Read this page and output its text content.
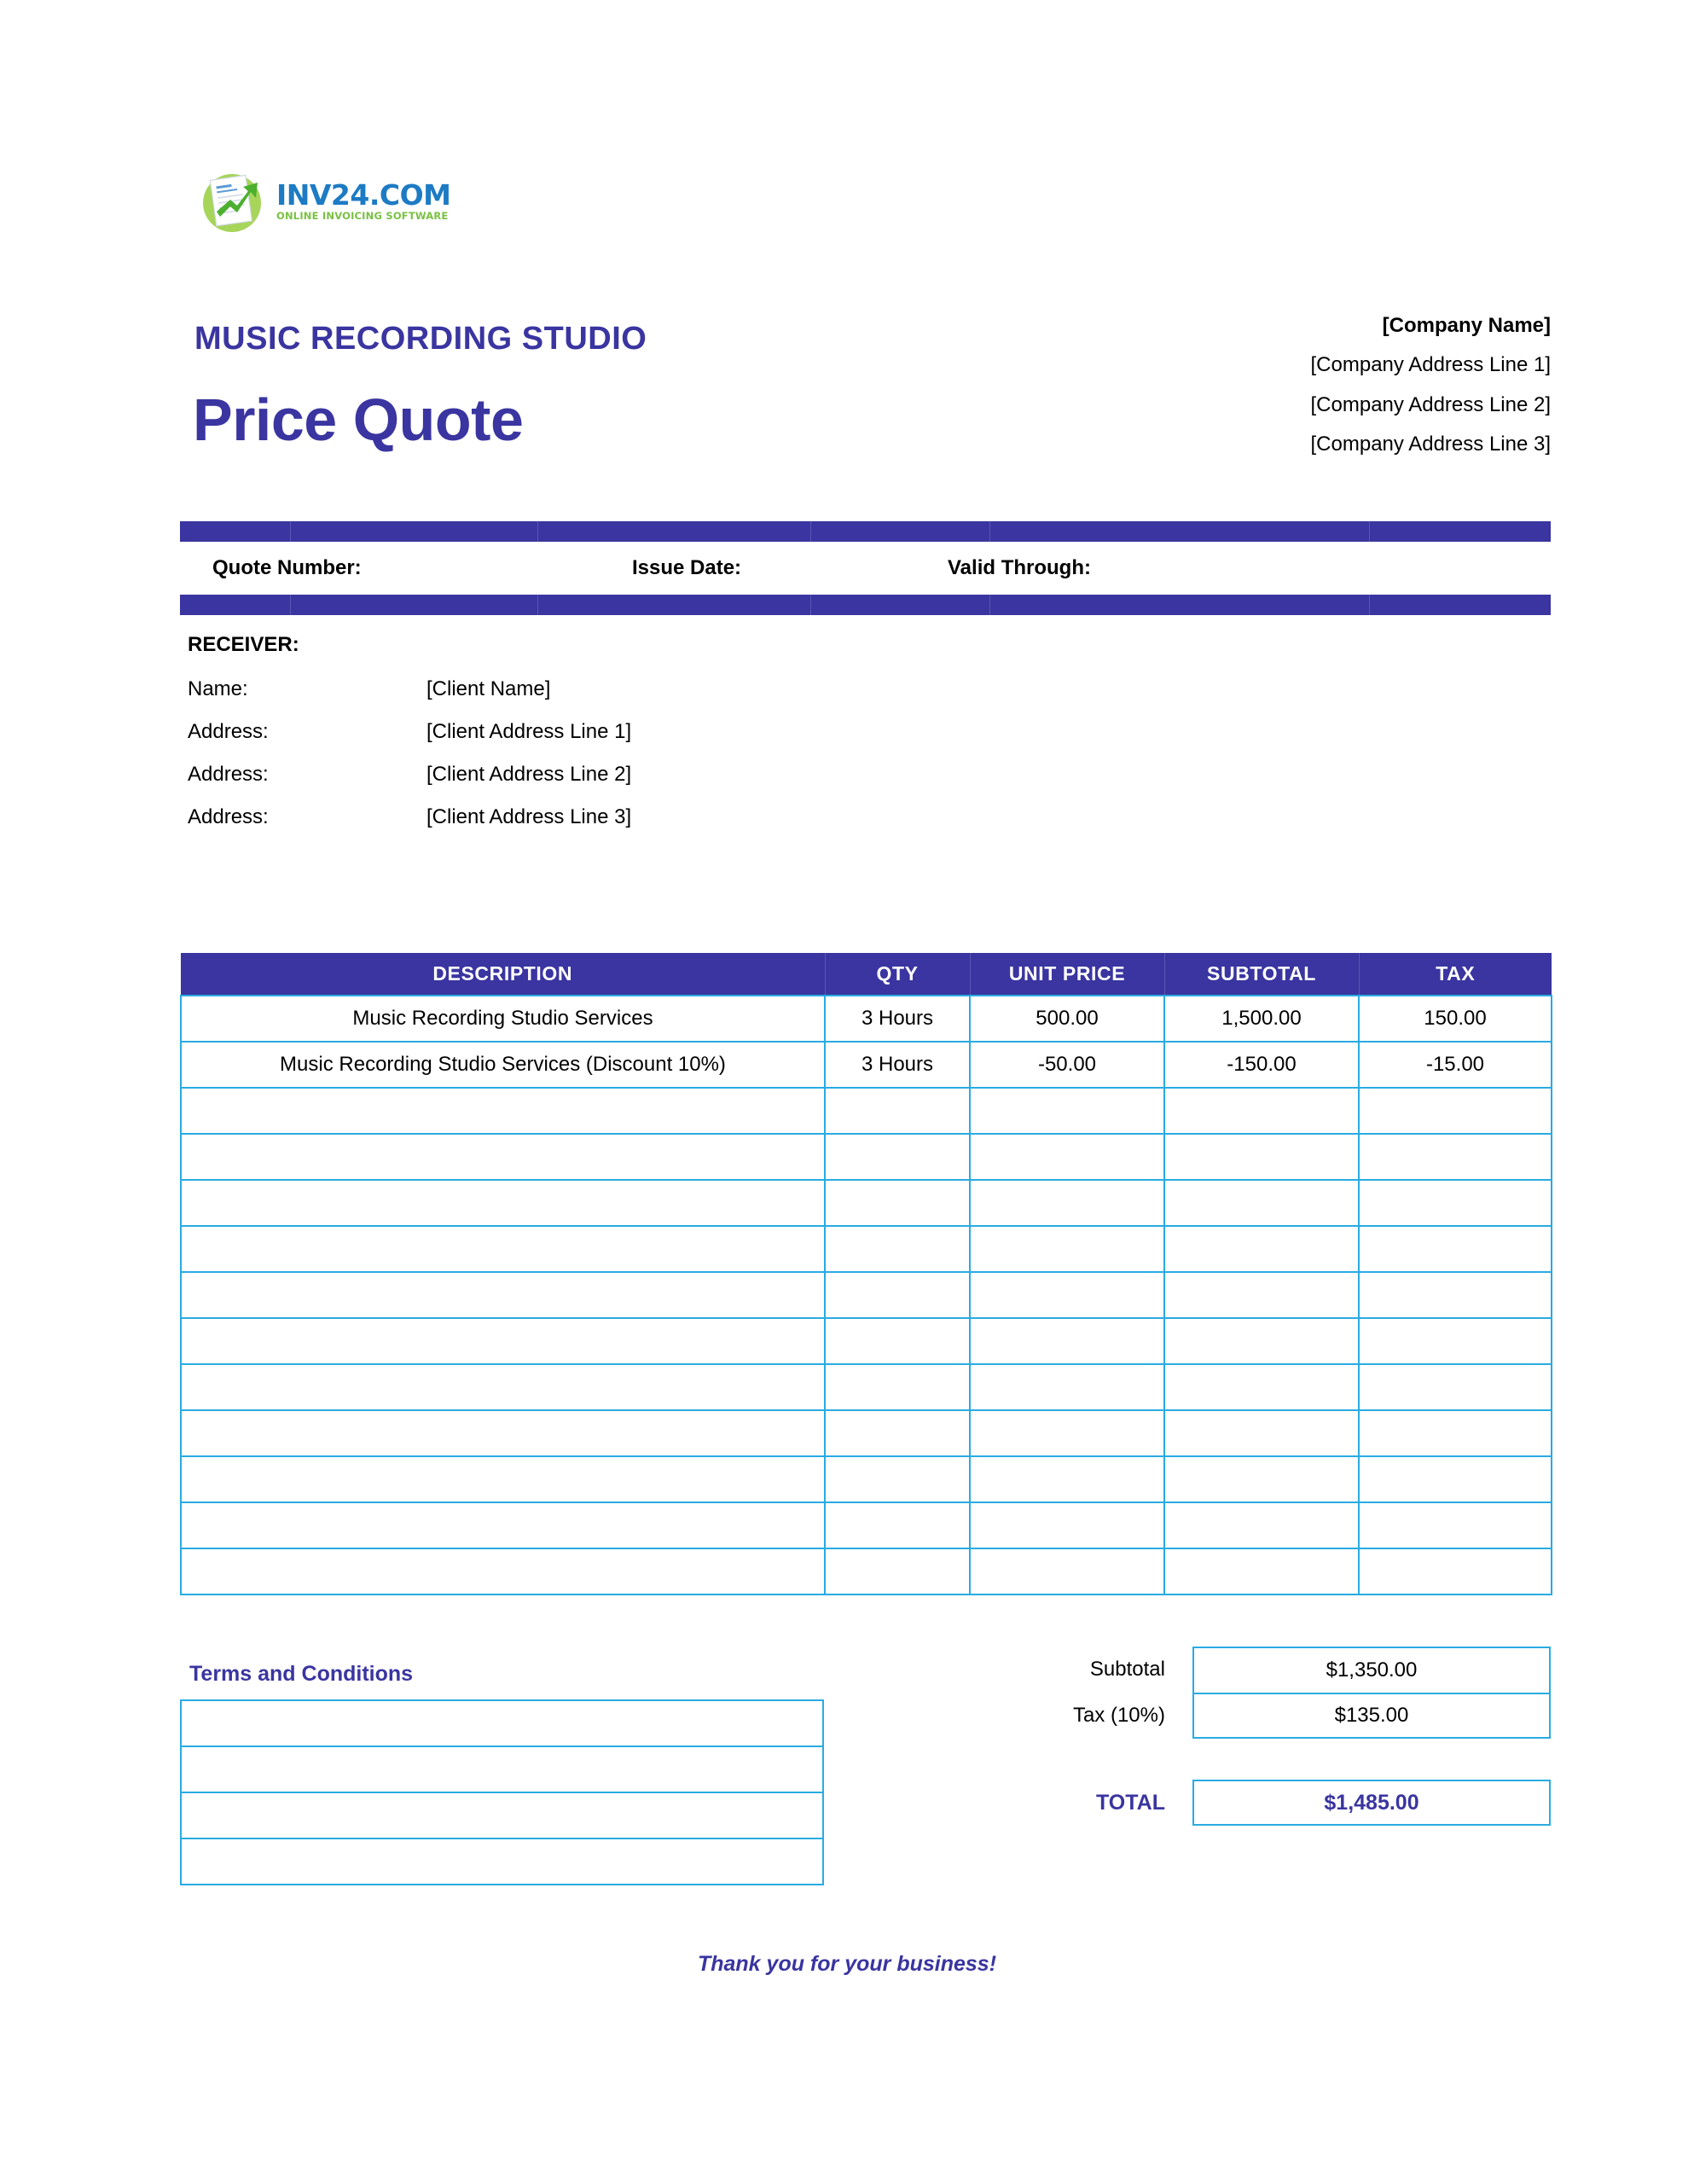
INV24.COM
ONLINE INVOICING SOFTWARE
MUSIC RECORDING STUDIO
Price Quote
[Company Name]
[Company Address Line 1]
[Company Address Line 2]
[Company Address Line 3]
Quote Number:	Issue Date:	Valid Through:
RECEIVER:
Name:	[Client Name]
Address:	[Client Address Line 1]
Address:	[Client Address Line 2]
Address:	[Client Address Line 3]
DESCRIPTION	QTY	UNIT PRICE	SUBTOTAL	TAX
Music Recording Studio Services	3 Hours	500.00	1,500.00	150.00
Music Recording Studio Services (Discount 10%)	3 Hours	-50.00	-150.00	-15.00

Terms and Conditions	Subtotal	$1,350.00
Tax (10%)	$135.00
TOTAL	$1,485.00
Thank you for your business!
